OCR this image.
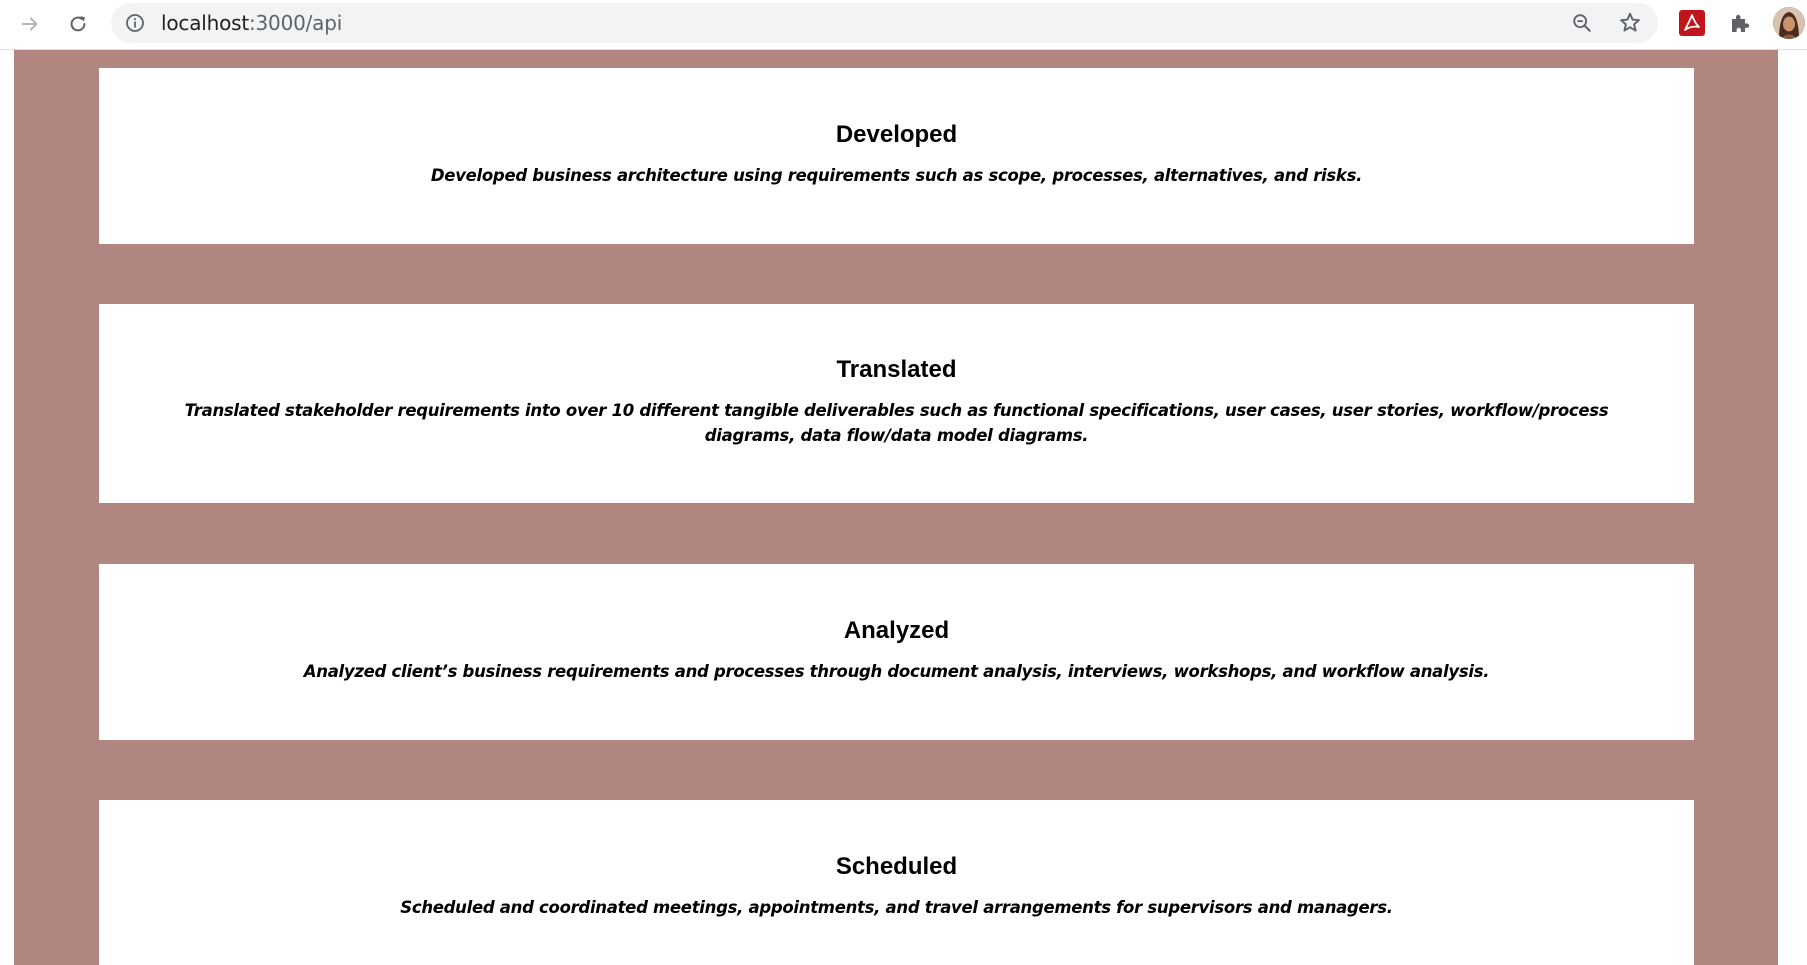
localhost:3000/api
Developed

Developed business architecture using requirements such as scope, processes, alternatives, and risks.

Translated

Translated stakeholder requirements into over 10 different tangible deliverables such as functional specifications, user cases, user stories, workflow/process diagrams, data flow/data model diagrams.

Analyzed

Analyzed client’s business requirements and processes through document analysis, interviews, workshops, and workflow analysis.

Scheduled

Scheduled and coordinated meetings, appointments, and travel arrangements for supervisors and managers.
